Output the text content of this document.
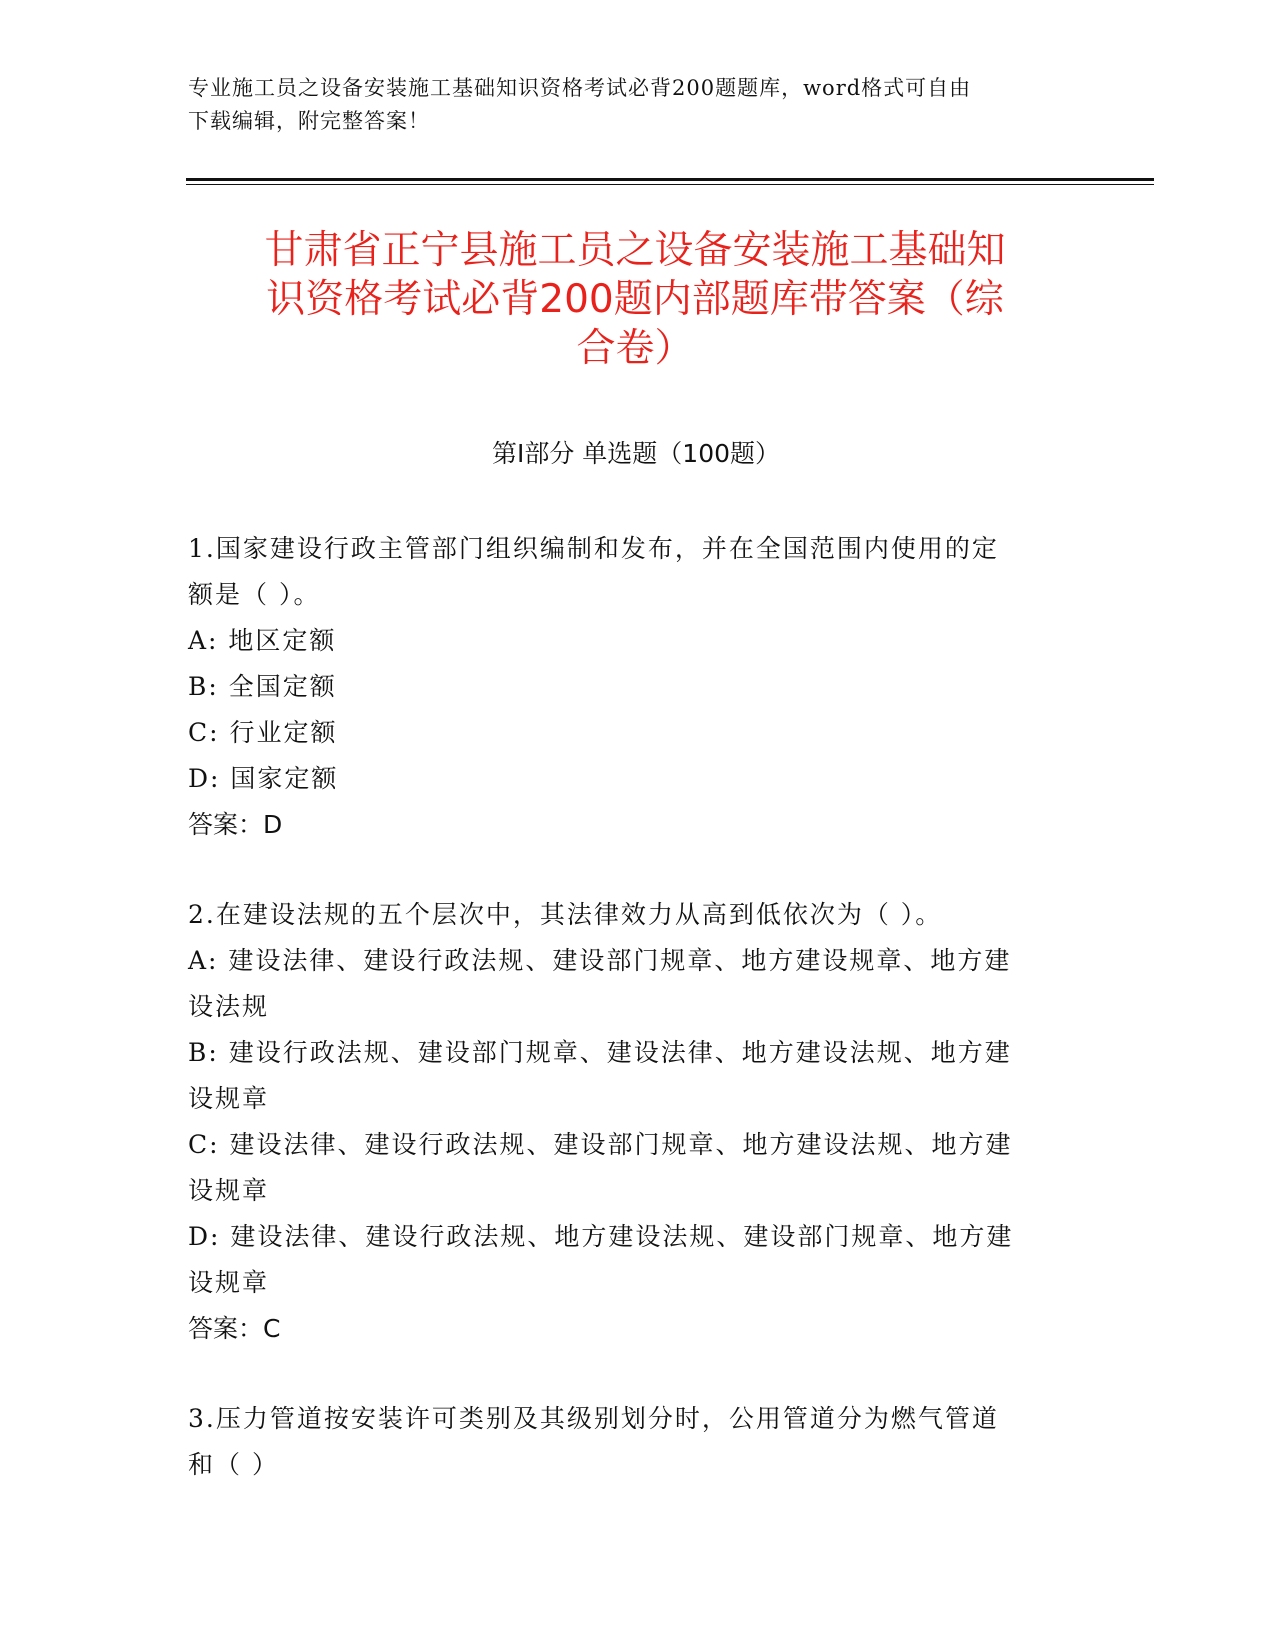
专业施工员之设备安装施工基础知识资格考试必背200题题库，word格式可自由
下载编辑，附完整答案！
甘肃省正宁县施工员之设备安装施工基础知
识资格考试必背200题内部题库带答案（综
合卷）
第Ⅰ部分 单选题（100题）

1.国家建设行政主管部门组织编制和发布，并在全国范围内使用的定

额是（ ）。

A: 地区定额

B: 全国定额

C: 行业定额

D: 国家定额

答案：D

2.在建设法规的五个层次中，其法律效力从高到低依次为（ ）。

A: 建设法律、建设行政法规、建设部门规章、地方建设规章、地方建

设法规

B: 建设行政法规、建设部门规章、建设法律、地方建设法规、地方建

设规章

C: 建设法律、建设行政法规、建设部门规章、地方建设法规、地方建

设规章

D: 建设法律、建设行政法规、地方建设法规、建设部门规章、地方建

设规章

答案：C

3.压力管道按安装许可类别及其级别划分时，公用管道分为燃气管道

和（ ）
